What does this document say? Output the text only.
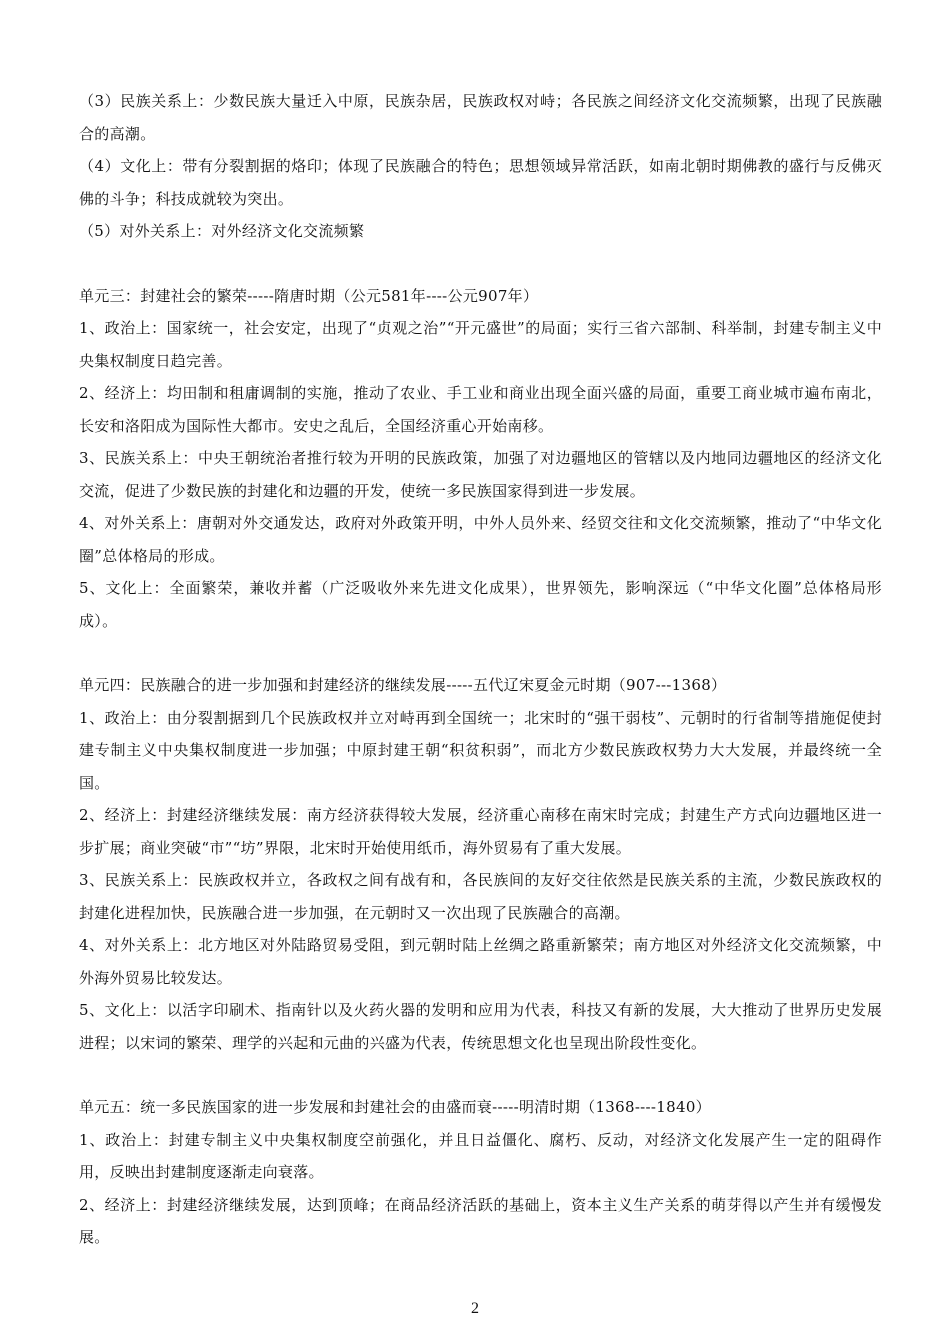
（3）民族关系上：少数民族大量迁入中原，民族杂居，民族政权对峙；各民族之间经济文化交流频繁，出现了民族融合的高潮。

（4）文化上：带有分裂割据的烙印；体现了民族融合的特色；思想领域异常活跃，如南北朝时期佛教的盛行与反佛灭佛的斗争；科技成就较为突出。

（5）对外关系上：对外经济文化交流频繁

单元三：封建社会的繁荣-----隋唐时期（公元581年----公元907年）

1、政治上：国家统一，社会安定，出现了“贞观之治”“开元盛世”的局面；实行三省六部制、科举制，封建专制主义中央集权制度日趋完善。

2、经济上：均田制和租庸调制的实施，推动了农业、手工业和商业出现全面兴盛的局面，重要工商业城市遍布南北，长安和洛阳成为国际性大都市。安史之乱后，全国经济重心开始南移。

3、民族关系上：中央王朝统治者推行较为开明的民族政策，加强了对边疆地区的管辖以及内地同边疆地区的经济文化交流，促进了少数民族的封建化和边疆的开发，使统一多民族国家得到进一步发展。

4、对外关系上：唐朝对外交通发达，政府对外政策开明，中外人员外来、经贸交往和文化交流频繁，推动了“中华文化圈”总体格局的形成。

5、文化上：全面繁荣，兼收并蓄（广泛吸收外来先进文化成果），世界领先，影响深远（“中华文化圈”总体格局形成）。

单元四：民族融合的进一步加强和封建经济的继续发展-----五代辽宋夏金元时期（907---1368）

1、政治上：由分裂割据到几个民族政权并立对峙再到全国统一；北宋时的“强干弱枝”、元朝时的行省制等措施促使封建专制主义中央集权制度进一步加强；中原封建王朝“积贫积弱”，而北方少数民族政权势力大大发展，并最终统一全国。

2、经济上：封建经济继续发展：南方经济获得较大发展，经济重心南移在南宋时完成；封建生产方式向边疆地区进一步扩展；商业突破“市”“坊”界限，北宋时开始使用纸币，海外贸易有了重大发展。

3、民族关系上：民族政权并立，各政权之间有战有和，各民族间的友好交往依然是民族关系的主流，少数民族政权的封建化进程加快，民族融合进一步加强，在元朝时又一次出现了民族融合的高潮。

4、对外关系上：北方地区对外陆路贸易受阻，到元朝时陆上丝绸之路重新繁荣；南方地区对外经济文化交流频繁，中外海外贸易比较发达。

5、文化上：以活字印刷术、指南针以及火药火器的发明和应用为代表，科技又有新的发展，大大推动了世界历史发展进程；以宋词的繁荣、理学的兴起和元曲的兴盛为代表，传统思想文化也呈现出阶段性变化。

单元五：统一多民族国家的进一步发展和封建社会的由盛而衰-----明清时期（1368----1840）

1、政治上：封建专制主义中央集权制度空前强化，并且日益僵化、腐朽、反动，对经济文化发展产生一定的阻碍作用，反映出封建制度逐渐走向衰落。

2、经济上：封建经济继续发展，达到顶峰；在商品经济活跃的基础上，资本主义生产关系的萌芽得以产生并有缓慢发展。

2
